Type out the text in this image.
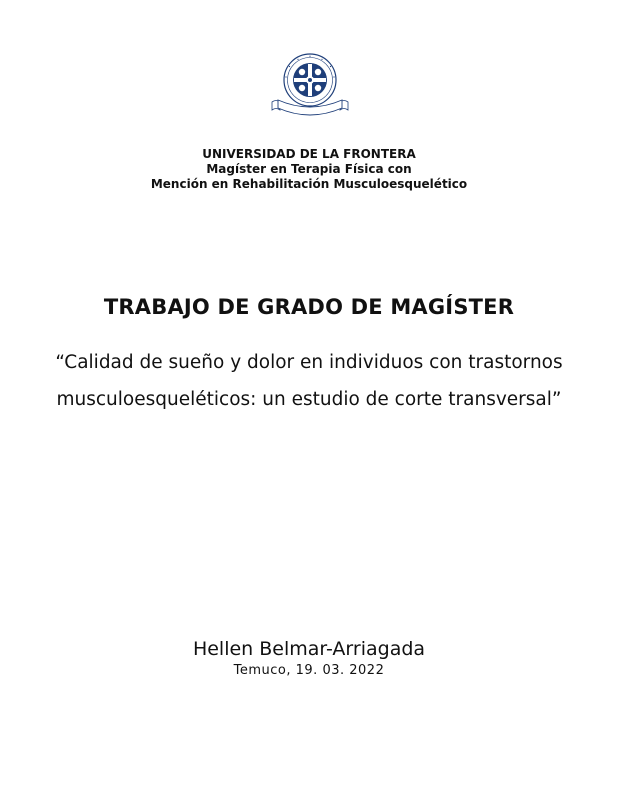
UNIVERSIDAD DE LA FRONTERA
Magíster en Terapia Física con
Mención en Rehabilitación Musculoesquelético
TRABAJO DE GRADO DE MAGÍSTER
“Calidad de sueño y dolor en individuos con trastornos musculoesqueléticos: un estudio de corte transversal”
Hellen Belmar-Arriagada
Temuco, 19. 03. 2022
